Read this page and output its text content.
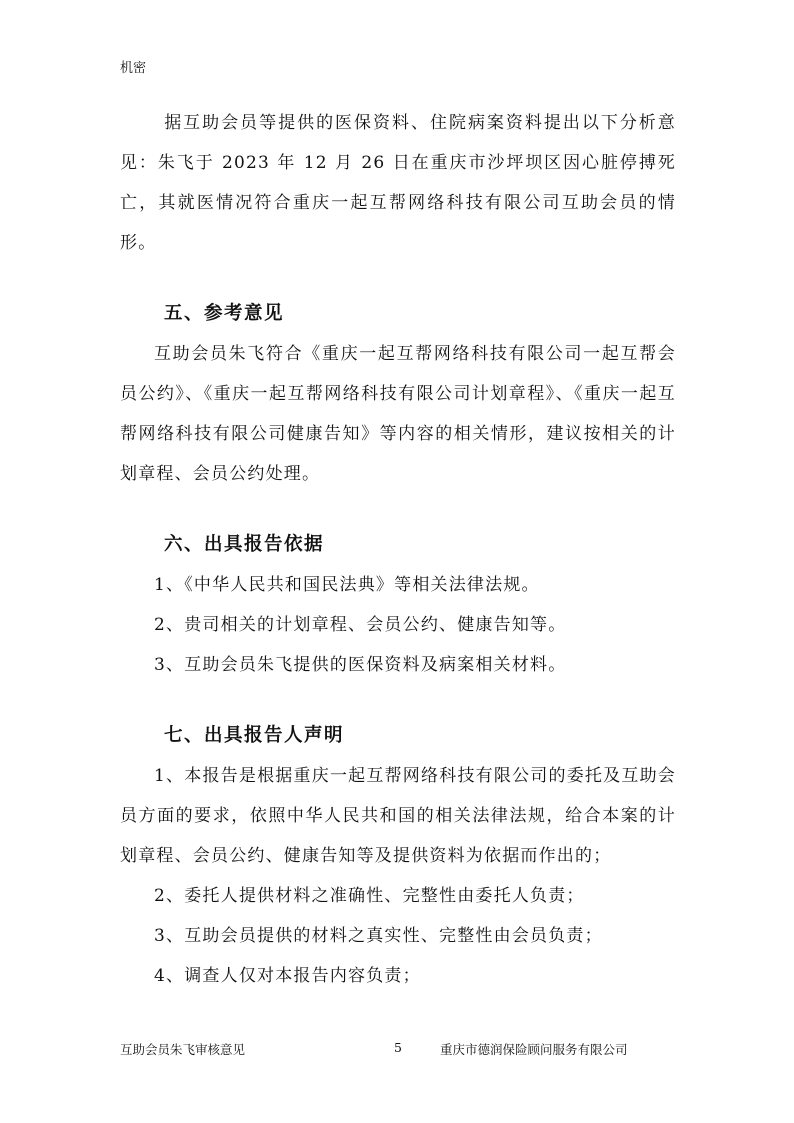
机密

据互助会员等提供的医保资料、住院病案资料提出以下分析意见：朱飞于 2023 年 12 月 26 日在重庆市沙坪坝区因心脏停搏死亡，其就医情况符合重庆一起互帮网络科技有限公司互助会员的情形。

五、参考意见

互助会员朱飞符合《重庆一起互帮网络科技有限公司一起互帮会员公约》、《重庆一起互帮网络科技有限公司计划章程》、《重庆一起互帮网络科技有限公司健康告知》等内容的相关情形，建议按相关的计划章程、会员公约处理。

六、出具报告依据

1、《中华人民共和国民法典》等相关法律法规。

2、贵司相关的计划章程、会员公约、健康告知等。

3、互助会员朱飞提供的医保资料及病案相关材料。

七、出具报告人声明

1、本报告是根据重庆一起互帮网络科技有限公司的委托及互助会员方面的要求，依照中华人民共和国的相关法律法规，给合本案的计划章程、会员公约、健康告知等及提供资料为依据而作出的；

2、委托人提供材料之准确性、完整性由委托人负责；

3、互助会员提供的材料之真实性、完整性由会员负责；

4、调查人仅对本报告内容负责；

互助会员朱飞审核意见	5	重庆市德润保险顾问服务有限公司
